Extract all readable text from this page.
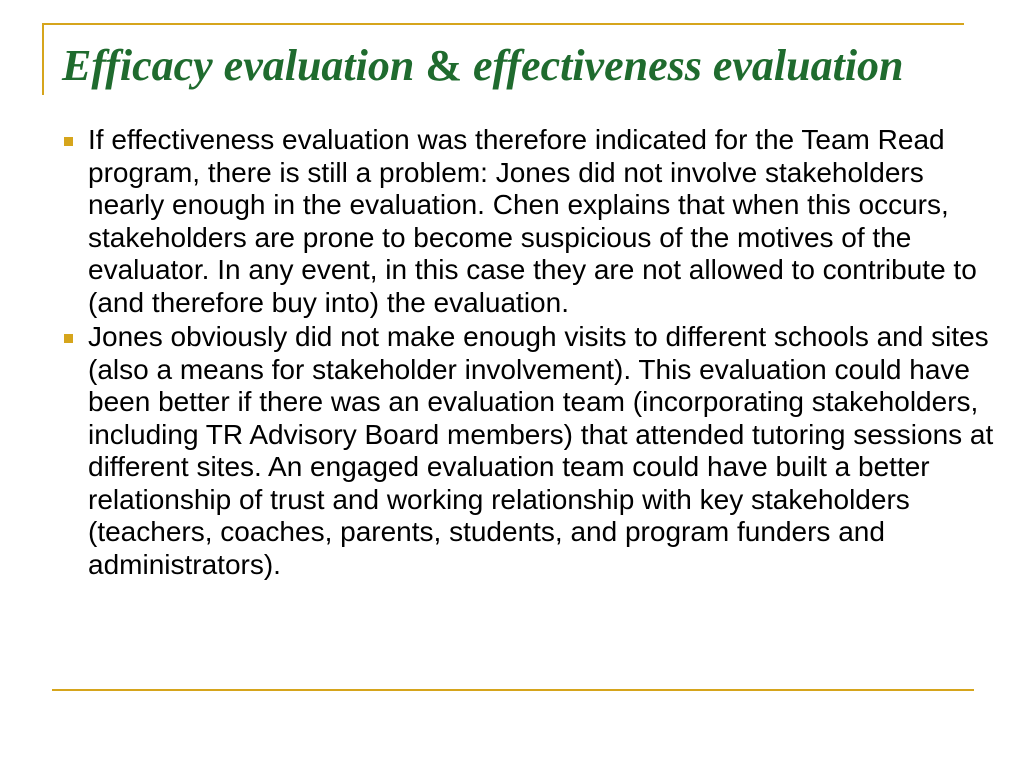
Efficacy evaluation & effectiveness evaluation
If effectiveness evaluation was therefore indicated for the Team Read program, there is still a problem: Jones did not involve stakeholders nearly enough in the evaluation. Chen explains that when this occurs, stakeholders are prone to become suspicious of the motives of the evaluator. In any event, in this case they are not allowed to contribute to (and therefore buy into) the evaluation.
Jones obviously did not make enough visits to different schools and sites (also a means for stakeholder involvement). This evaluation could have been better if there was an evaluation team (incorporating stakeholders, including TR Advisory Board members) that attended tutoring sessions at different sites. An engaged evaluation team could have built a better relationship of trust and working relationship with key stakeholders (teachers, coaches, parents, students, and program funders and administrators).
